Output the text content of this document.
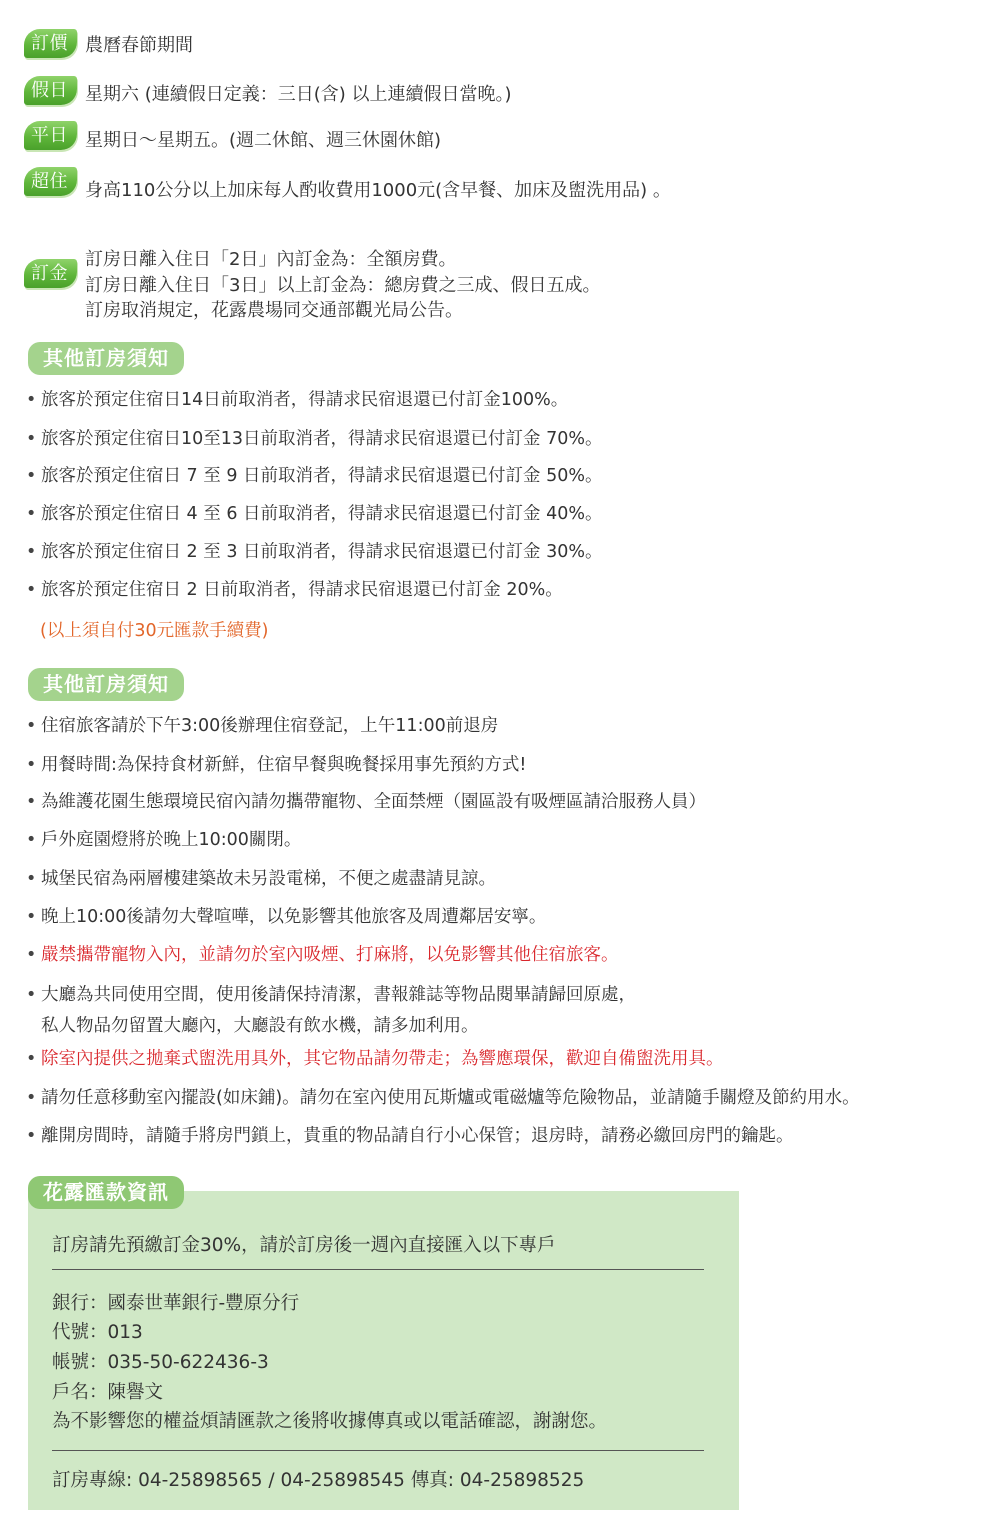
訂價 農曆春節期間
假日 星期六 (連續假日定義：三日(含) 以上連續假日當晚。)
平日 星期日～星期五。(週二休館、週三休園休館)
超住 身高110公分以上加床每人酌收費用1000元(含早餐、加床及盥洗用品) 。
訂金
訂房日離入住日「2日」內訂金為：全額房費。
訂房日離入住日「3日」以上訂金為：總房費之三成、假日五成。
訂房取消規定，花露農場同交通部觀光局公告。
其他訂房須知
• 旅客於預定住宿日14日前取消者，得請求民宿退還已付訂金100%。
• 旅客於預定住宿日10至13日前取消者，得請求民宿退還已付訂金 70%。
• 旅客於預定住宿日 7 至 9 日前取消者，得請求民宿退還已付訂金 50%。
• 旅客於預定住宿日 4 至 6 日前取消者，得請求民宿退還已付訂金 40%。
• 旅客於預定住宿日 2 至 3 日前取消者，得請求民宿退還已付訂金 30%。
• 旅客於預定住宿日 2 日前取消者，得請求民宿退還已付訂金 20%。
(以上須自付30元匯款手續費)
其他訂房須知
• 住宿旅客請於下午3:00後辦理住宿登記，上午11:00前退房
• 用餐時間:為保持食材新鮮，住宿早餐與晚餐採用事先預約方式!
• 為維護花園生態環境民宿內請勿攜帶寵物、全面禁煙（園區設有吸煙區請洽服務人員）
• 戶外庭園燈將於晚上10:00關閉。
• 城堡民宿為兩層樓建築故未另設電梯，不便之處盡請見諒。
• 晚上10:00後請勿大聲喧嘩，以免影響其他旅客及周遭鄰居安寧。
• 嚴禁攜帶寵物入內，並請勿於室內吸煙、打麻將，以免影響其他住宿旅客。
• 大廳為共同使用空間，使用後請保持清潔，書報雜誌等物品閱畢請歸回原處，
私人物品勿留置大廳內，大廳設有飲水機，請多加利用。
• 除室內提供之拋棄式盥洗用具外，其它物品請勿帶走；為響應環保，歡迎自備盥洗用具。
• 請勿任意移動室內擺設(如床鋪)。請勿在室內使用瓦斯爐或電磁爐等危險物品，並請隨手關燈及節約用水。
• 離開房間時，請隨手將房門鎖上，貴重的物品請自行小心保管；退房時，請務必繳回房門的鑰匙。
花露匯款資訊
訂房請先預繳訂金30%，請於訂房後一週內直接匯入以下專戶
銀行：國泰世華銀行-豐原分行
代號：013
帳號：035-50-622436-3
戶名：陳譽文
為不影響您的權益煩請匯款之後將收據傳真或以電話確認，謝謝您。
訂房專線: 04-25898565 / 04-25898545 傳真: 04-25898525
